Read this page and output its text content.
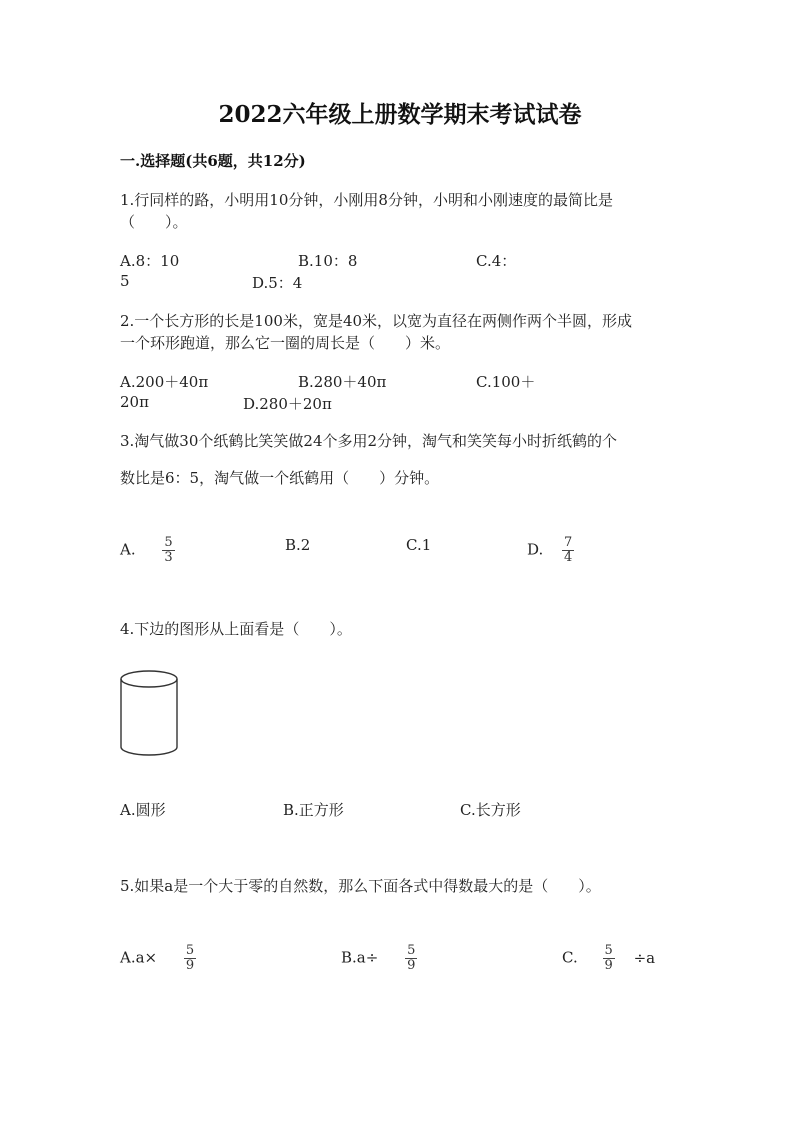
2022六年级上册数学期末考试试卷
一.选择题(共6题，共12分)
1.行同样的路，小明用10分钟，小刚用8分钟，小明和小刚速度的最简比是
（　　）。
A.8：10	B.10：8	C.4：
5	D.5：4
2.一个长方形的长是100米，宽是40米，以宽为直径在两侧作两个半圆，形成
一个环形跑道，那么它一圈的周长是（　　）米。
A.200＋40π	B.280＋40π	C.100＋
20π	D.280＋20π
3.淘气做30个纸鹤比笑笑做24个多用2分钟，淘气和笑笑每小时折纸鹤的个
数比是6：5，淘气做一个纸鹤用（　　）分钟。
A. $\frac{5}{3}$	B.2	C.1	D. $\frac{7}{4}$
4.下边的图形从上面看是（　　）。
A.圆形	B.正方形	C.长方形
5.如果a是一个大于零的自然数，那么下面各式中得数最大的是（　　）。
$A.a\times \frac{5}{9}$	$B.a\div \frac{5}{9}$	C. $\frac{5}{9} \div a$
